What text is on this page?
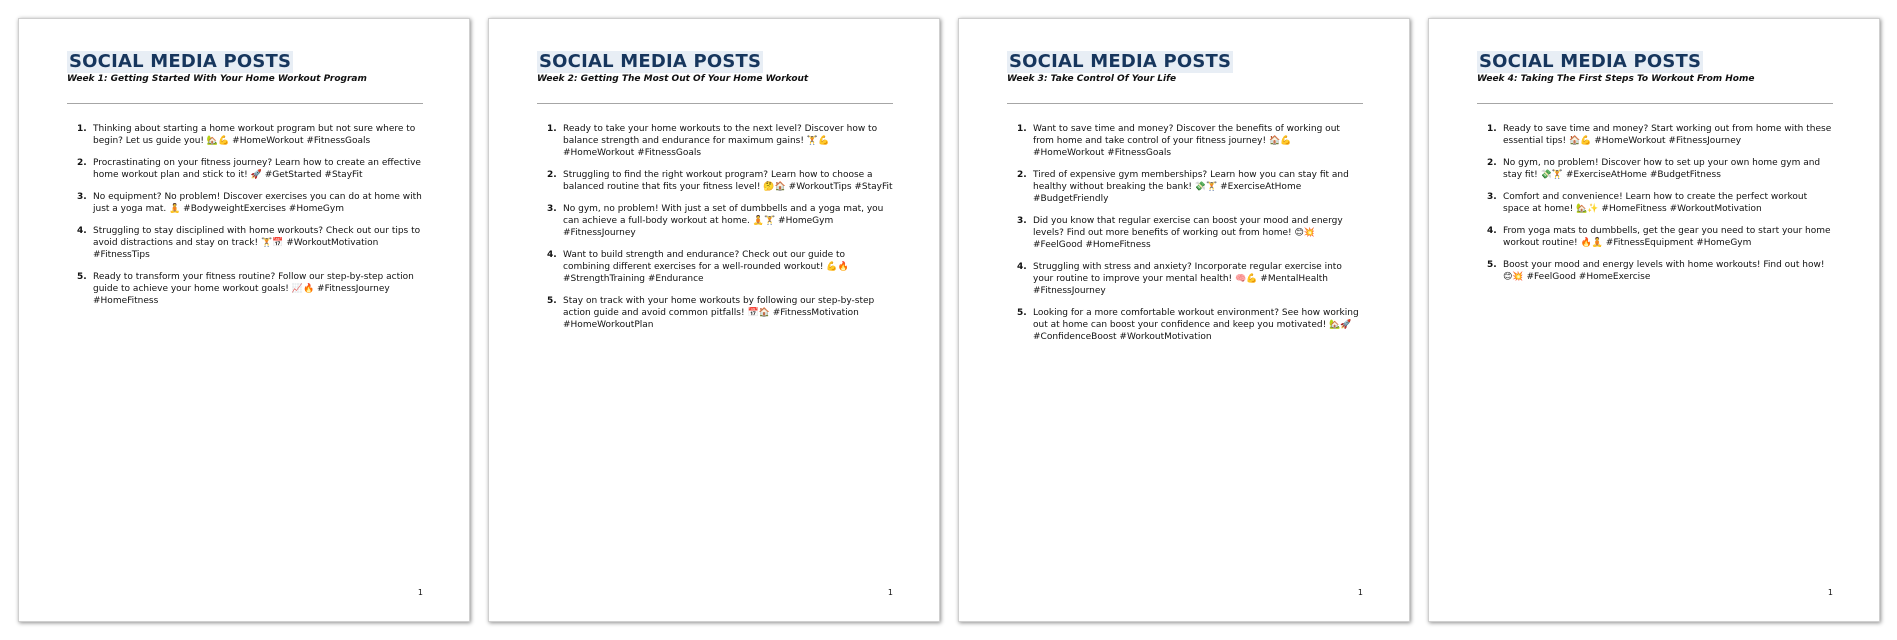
SOCIAL MEDIA POSTS
Week 1: Getting Started With Your Home Workout Program
1. Thinking about starting a home workout program but not sure where to begin? Let us guide you! 🏡💪 #HomeWorkout #FitnessGoals
2. Procrastinating on your fitness journey? Learn how to create an effective home workout plan and stick to it! 🚀 #GetStarted #StayFit
3. No equipment? No problem! Discover exercises you can do at home with just a yoga mat. 🧘 #BodyweightExercises #HomeGym
4. Struggling to stay disciplined with home workouts? Check out our tips to avoid distractions and stay on track! 🏋📅 #WorkoutMotivation #FitnessTips
5. Ready to transform your fitness routine? Follow our step-by-step action guide to achieve your home workout goals! 📈🔥 #FitnessJourney #HomeFitness
1
SOCIAL MEDIA POSTS
Week 2: Getting The Most Out Of Your Home Workout
1. Ready to take your home workouts to the next level? Discover how to balance strength and endurance for maximum gains! 🏋💪 #HomeWorkout #FitnessGoals
2. Struggling to find the right workout program? Learn how to choose a balanced routine that fits your fitness level! 🤔🏠 #WorkoutTips #StayFit
3. No gym, no problem! With just a set of dumbbells and a yoga mat, you can achieve a full-body workout at home. 🧘🏋 #HomeGym #FitnessJourney
4. Want to build strength and endurance? Check out our guide to combining different exercises for a well-rounded workout! 💪🔥 #StrengthTraining #Endurance
5. Stay on track with your home workouts by following our step-by-step action guide and avoid common pitfalls! 📅🏠 #FitnessMotivation #HomeWorkoutPlan
1
SOCIAL MEDIA POSTS
Week 3: Take Control Of Your Life
1. Want to save time and money? Discover the benefits of working out from home and take control of your fitness journey! 🏠💪 #HomeWorkout #FitnessGoals
2. Tired of expensive gym memberships? Learn how you can stay fit and healthy without breaking the bank! 💸🏋 #ExerciseAtHome #BudgetFriendly
3. Did you know that regular exercise can boost your mood and energy levels? Find out more benefits of working out from home! 😊💥 #FeelGood #HomeFitness
4. Struggling with stress and anxiety? Incorporate regular exercise into your routine to improve your mental health! 🧠💪 #MentalHealth #FitnessJourney
5. Looking for a more comfortable workout environment? See how working out at home can boost your confidence and keep you motivated! 🏡🚀 #ConfidenceBoost #WorkoutMotivation
1
SOCIAL MEDIA POSTS
Week 4: Taking The First Steps To Workout From Home
1. Ready to save time and money? Start working out from home with these essential tips! 🏠💪 #HomeWorkout #FitnessJourney
2. No gym, no problem! Discover how to set up your own home gym and stay fit! 💸🏋 #ExerciseAtHome #BudgetFitness
3. Comfort and convenience! Learn how to create the perfect workout space at home! 🏡✨ #HomeFitness #WorkoutMotivation
4. From yoga mats to dumbbells, get the gear you need to start your home workout routine! 🔥🧘 #FitnessEquipment #HomeGym
5. Boost your mood and energy levels with home workouts! Find out how! 😊💥 #FeelGood #HomeExercise
1
